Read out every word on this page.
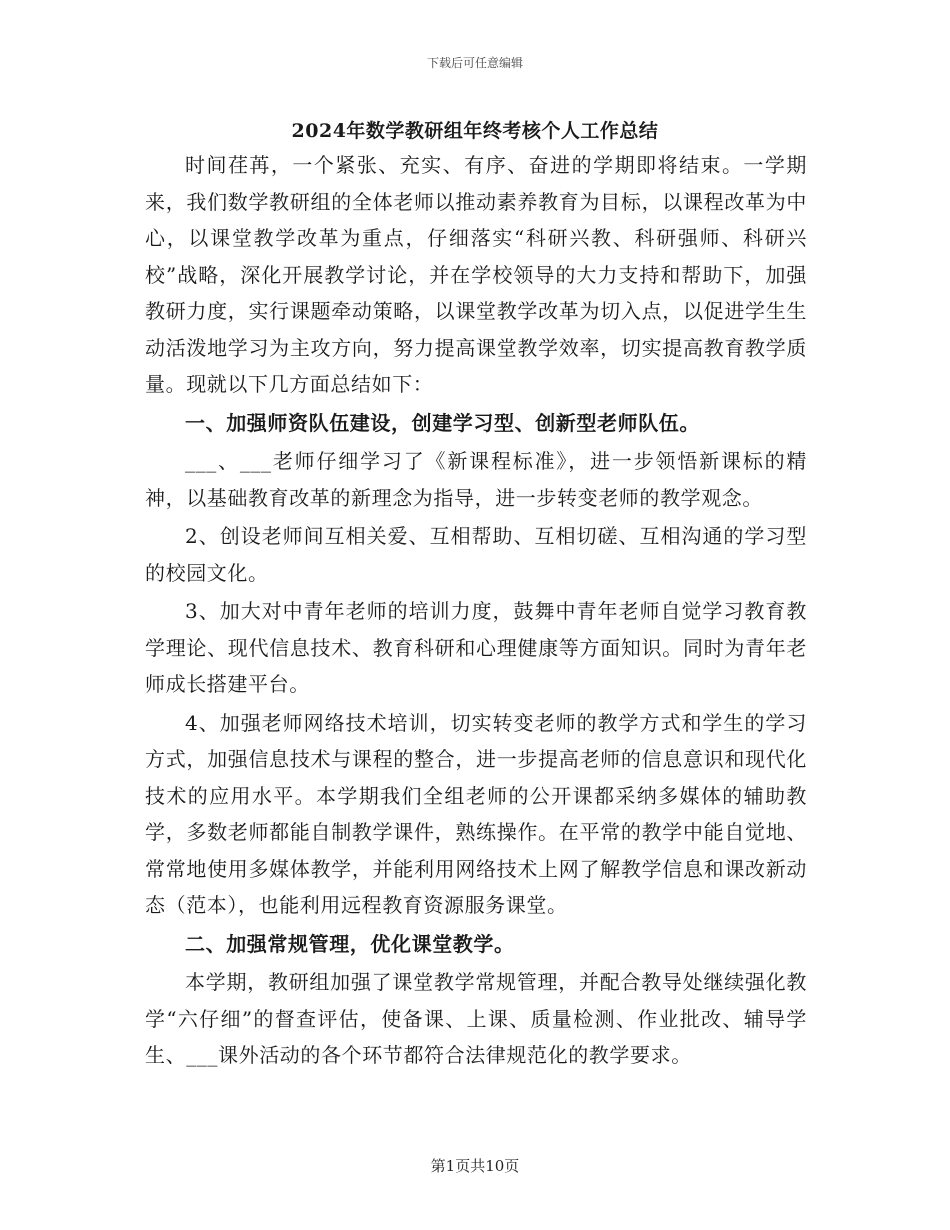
下载后可任意编辑
2024年数学教研组年终考核个人工作总结

时间荏苒，一个紧张、充实、有序、奋进的学期即将结束。一学期来，我们数学教研组的全体老师以推动素养教育为目标，以课程改革为中心，以课堂教学改革为重点，仔细落实“科研兴教、科研强师、科研兴校”战略，深化开展教学讨论，并在学校领导的大力支持和帮助下，加强教研力度，实行课题牵动策略，以课堂教学改革为切入点，以促进学生生动活泼地学习为主攻方向，努力提高课堂教学效率，切实提高教育教学质量。现就以下几方面总结如下：

一、加强师资队伍建设，创建学习型、创新型老师队伍。

___、___老师仔细学习了《新课程标准》，进一步领悟新课标的精神，以基础教育改革的新理念为指导，进一步转变老师的教学观念。

2、创设老师间互相关爱、互相帮助、互相切磋、互相沟通的学习型的校园文化。

3、加大对中青年老师的培训力度，鼓舞中青年老师自觉学习教育教学理论、现代信息技术、教育科研和心理健康等方面知识。同时为青年老师成长搭建平台。

4、加强老师网络技术培训，切实转变老师的教学方式和学生的学习方式，加强信息技术与课程的整合，进一步提高老师的信息意识和现代化技术的应用水平。本学期我们全组老师的公开课都采纳多媒体的辅助教学，多数老师都能自制教学课件，熟练操作。在平常的教学中能自觉地、常常地使用多媒体教学，并能利用网络技术上网了解教学信息和课改新动态（范本），也能利用远程教育资源服务课堂。

二、加强常规管理，优化课堂教学。

本学期，教研组加强了课堂教学常规管理，并配合教导处继续强化教学“六仔细”的督查评估，使备课、上课、质量检测、作业批改、辅导学生、___课外活动的各个环节都符合法律规范化的教学要求。

第1页共10页
